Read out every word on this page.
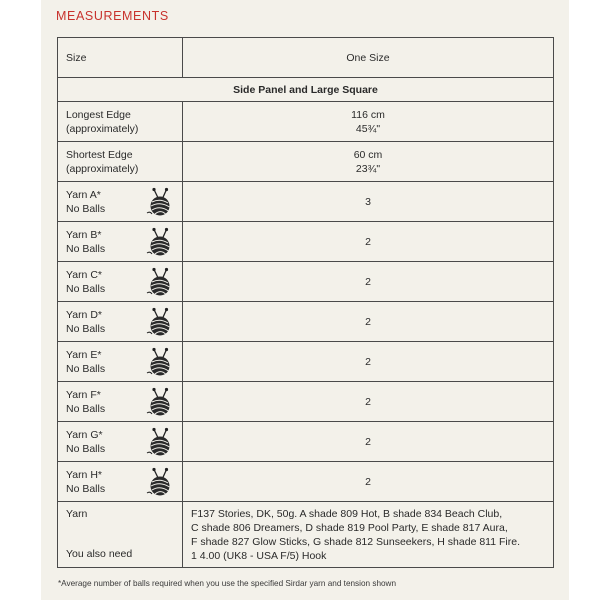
MEASUREMENTS
Size	One Size
Side Panel and Large Square	

Longest Edge
(approximately)	116 cm
45¾"

Shortest Edge
(approximately)	60 cm
23¾"

Yarn A*
No Balls	3

Yarn B*
No Balls	2

Yarn C*
No Balls	2

Yarn D*
No Balls	2

Yarn E*
No Balls	2

Yarn F*
No Balls	2

Yarn G*
No Balls	2

Yarn H*
No Balls	2

Yarn
You also need	F137 Stories, DK, 50g. A shade 809 Hot, B shade 834 Beach Club,
C shade 806 Dreamers, D shade 819 Pool Party, E shade 817 Aura,
F shade 827 Glow Sticks, G shade 812 Sunseekers, H shade 811 Fire.
1 4.00 (UK8 - USA F/5) Hook
*Average number of balls required when you use the specified Sirdar yarn and tension shown
